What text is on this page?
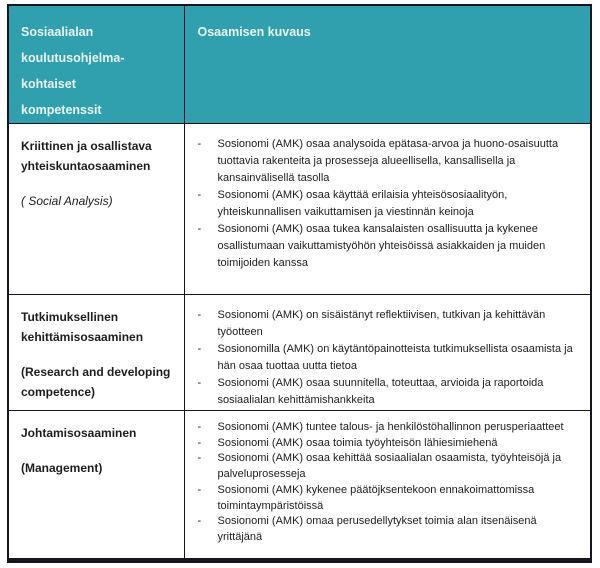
Sosiaalialan
koulutusohjelma-
kohtaiset
kompetenssit	Osaamisen kuvaus

Kriittinen ja osallistava
yhteiskuntaosaaminen
( Social Analysis)

-	Sosionomi (AMK) osaa analysoida epätasa-arvoa ja huono-osaisuutta tuottavia rakenteita ja prosesseja alueellisella, kansallisella ja kansainvälisellä tasolla
-	Sosionomi (AMK) osaa käyttää erilaisia yhteisösosiaalityön, yhteiskunnallisen vaikuttamisen ja viestinnän keinoja
-	Sosionomi (AMK) osaa tukea kansalaisten osallisuutta ja kykenee osallistumaan vaikuttamistyöhön yhteisöissä asiakkaiden ja muiden toimijoiden kanssa

Tutkimuksellinen
kehittämisosaaminen
(Research and developing
competence)

-	Sosionomi (AMK) on sisäistänyt reflektiivisen, tutkivan ja kehittävän työotteen
-	Sosionomilla (AMK) on käytäntöpainotteista tutkimuksellista osaamista ja hän osaa tuottaa uutta tietoa
-	Sosionomi (AMK) osaa suunnitella, toteuttaa, arvioida ja raportoida sosiaalialan kehittämishankkeita

Johtamisosaaminen
(Management)

-	Sosionomi (AMK) tuntee talous- ja henkilöstöhallinnon perusperiaatteet
-	Sosionomi (AMK) osaa toimia työyhteisön lähiesimiehenä
-	Sosionomi (AMK) osaa kehittää sosiaalialan osaamista, työyhteisöjä ja palveluprosesseja
-	Sosionomi (AMK) kykenee päätöjksentekoon ennakoimattomissa toimintaympäristöissä
-	Sosionomi (AMK) omaa perusedellytykset toimia alan itsenäisenä yrittäjänä
